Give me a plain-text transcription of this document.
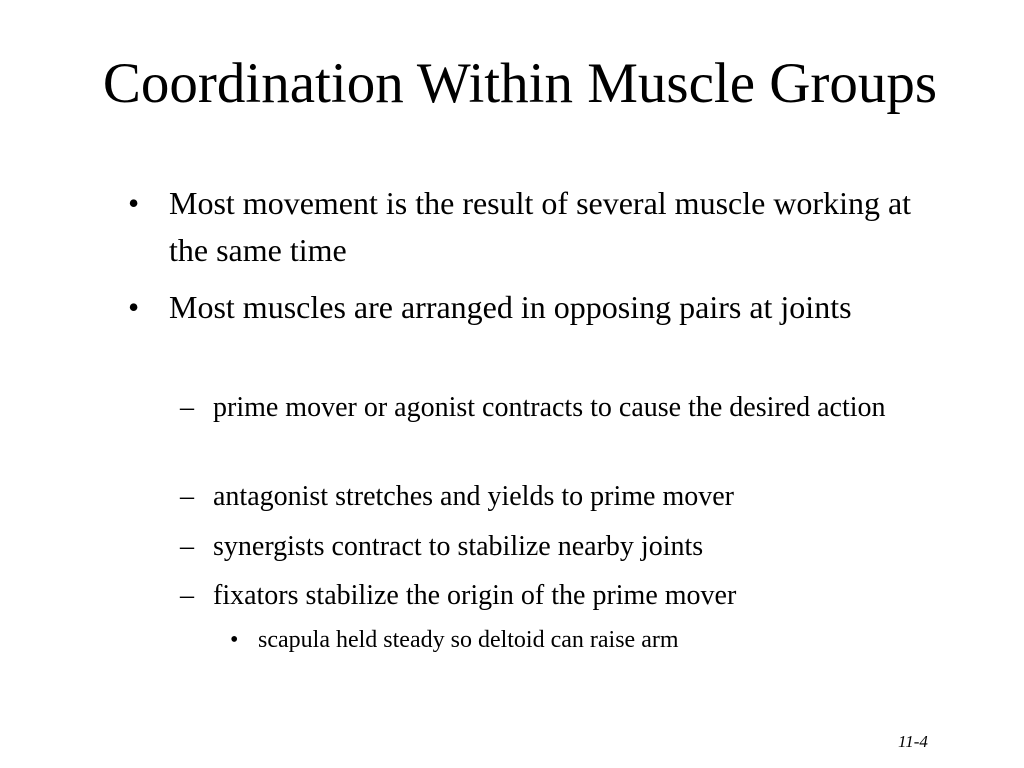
Coordination Within Muscle Groups
• Most movement is the result of several muscle working at the same time
• Most muscles are arranged in opposing pairs at joints
– prime mover or agonist contracts to cause the desired action
– antagonist stretches and yields to prime mover
– synergists contract to stabilize nearby joints
– fixators stabilize the origin of the prime mover
• scapula held steady so deltoid can raise arm
11-4
